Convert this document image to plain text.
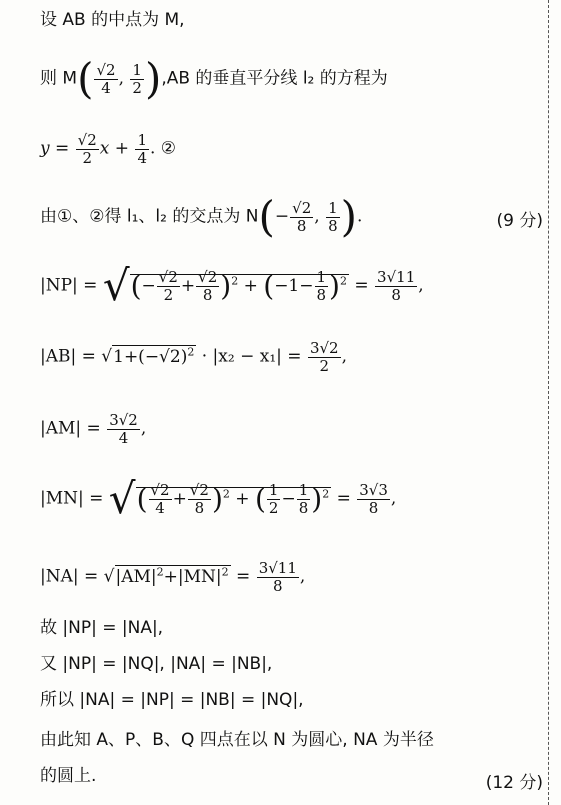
设 AB 的中点为 M,
则 $M( \frac{√2}{4}$ , $\frac{1}{2} ),AB$ 的垂直平分线 l₂ 的方程为
$y = \frac{√2}{2}$ $x + \frac{1}{4}$ . ②
由①、②得 l₁、l₂ 的交点为 $N(- \frac{√2}{8}$ , $\frac{1}{8}$ ).	(9 分)
|NP| = √(− $\frac{√2}{2} + \frac{√2}{8} )^2 + (-1- \frac{1}{8} )^2 = \frac{3√11}{8}$ ,
$|AB| = √1+(-√2)^2 \cdot |x_2 - x_1| = \frac{3√2}{2}$ ,
$|AM| = \frac{3√2}{4}$ ,
|MN| = √( $\frac{√2}{4} + \frac{√2}{8} )^2$ + ( $\frac{1}{2} - \frac{1}{8} )^2 = \frac{3√3}{8}$ ,
$|NA| = √|AM|^2+|MN|^2 = \frac{3√11}{8}$ ,
故 |NP| = |NA|,
又 |NP| = |NQ|, |NA| = |NB|,
所以 |NA| = |NP| = |NB| = |NQ|,
由此知 A、P、B、Q 四点在以 N 为圆心, NA 为半径
的圆上.	(12 分)
